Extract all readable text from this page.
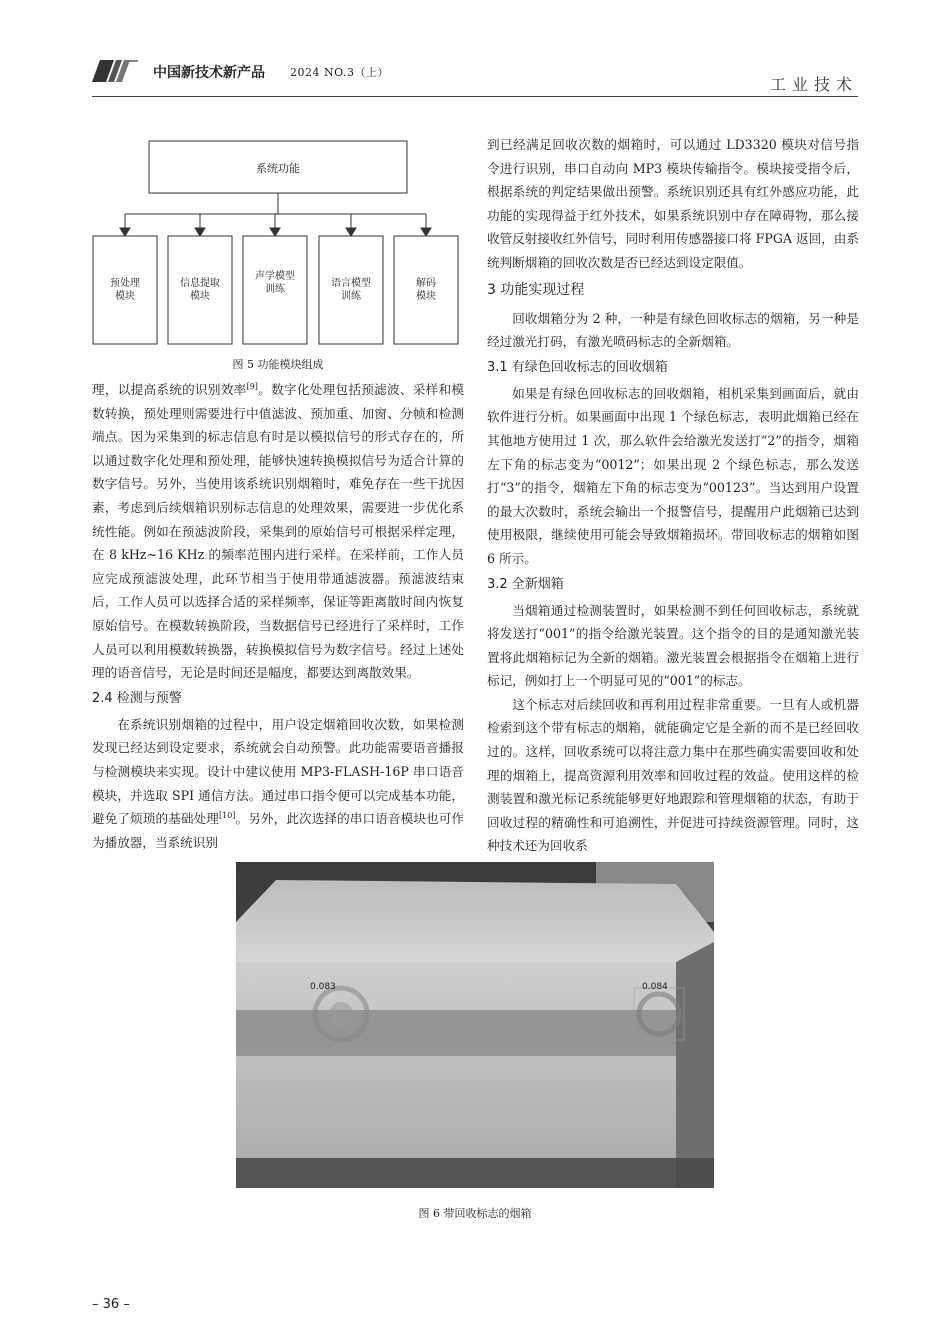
中国新技术新产品 2024 NO.3（上）
工业技术
系统功能
预处理
模块
信息提取
模块
声学模型
训练
语言模型
训练
解码
模块
图 5 功能模块组成

理，以提高系统的识别效率[9]。数字化处理包括预滤波、采样和模数转换，预处理则需要进行中值滤波、预加重、加窗、分帧和检测端点。因为采集到的标志信息有时是以模拟信号的形式存在的，所以通过数字化处理和预处理，能够快速转换模拟信号为适合计算的数字信号。另外，当使用该系统识别烟箱时，难免存在一些干扰因素，考虑到后续烟箱识别标志信息的处理效果，需要进一步优化系统性能。例如在预滤波阶段，采集到的原始信号可根据采样定理，在 8 kHz~16 KHz 的频率范围内进行采样。在采样前，工作人员应完成预滤波处理，此环节相当于使用带通滤波器。预滤波结束后，工作人员可以选择合适的采样频率，保证等距离散时间内恢复原始信号。在模数转换阶段，当数据信号已经进行了采样时，工作人员可以利用模数转换器，转换模拟信号为数字信号。经过上述处理的语音信号，无论是时间还是幅度，都要达到离散效果。

2.4 检测与预警

在系统识别烟箱的过程中，用户设定烟箱回收次数，如果检测发现已经达到设定要求，系统就会自动预警。此功能需要语音播报与检测模块来实现。设计中建议使用 MP3-FLASH-16P 串口语音模块，并选取 SPI 通信方法。通过串口指令便可以完成基本功能，避免了烦琐的基础处理[10]。另外，此次选择的串口语音模块也可作为播放器，当系统识别

到已经满足回收次数的烟箱时，可以通过 LD3320 模块对信号指令进行识别，串口自动向 MP3 模块传输指令。模块接受指令后，根据系统的判定结果做出预警。系统识别还具有红外感应功能，此功能的实现得益于红外技术，如果系统识别中存在障碍物，那么接收管反射接收红外信号，同时利用传感器接口将 FPGA 返回，由系统判断烟箱的回收次数是否已经达到设定限值。

3 功能实现过程

回收烟箱分为 2 种，一种是有绿色回收标志的烟箱，另一种是经过激光打码，有激光喷码标志的全新烟箱。

3.1 有绿色回收标志的回收烟箱

如果是有绿色回收标志的回收烟箱，相机采集到画面后，就由软件进行分析。如果画面中出现 1 个绿色标志，表明此烟箱已经在其他地方使用过 1 次，那么软件会给激光发送打“2”的指令，烟箱左下角的标志变为“0012”；如果出现 2 个绿色标志，那么发送打“3”的指令，烟箱左下角的标志变为“00123”。当达到用户设置的最大次数时，系统会输出一个报警信号，提醒用户此烟箱已达到使用极限，继续使用可能会导致烟箱损坏。带回收标志的烟箱如图 6 所示。

3.2 全新烟箱

当烟箱通过检测装置时，如果检测不到任何回收标志，系统就将发送打“001”的指令给激光装置。这个指令的目的是通知激光装置将此烟箱标记为全新的烟箱。激光装置会根据指令在烟箱上进行标记，例如打上一个明显可见的“001”的标志。

这个标志对后续回收和再利用过程非常重要。一旦有人或机器检索到这个带有标志的烟箱，就能确定它是全新的而不是已经回收过的。这样，回收系统可以将注意力集中在那些确实需要回收和处理的烟箱上，提高资源利用效率和回收过程的效益。使用这样的检测装置和激光标记系统能够更好地跟踪和管理烟箱的状态，有助于回收过程的精确性和可追溯性，并促进可持续资源管理。同时，这种技术还为回收系

0.083	0.084
图 6 带回收标志的烟箱
– 36 –
